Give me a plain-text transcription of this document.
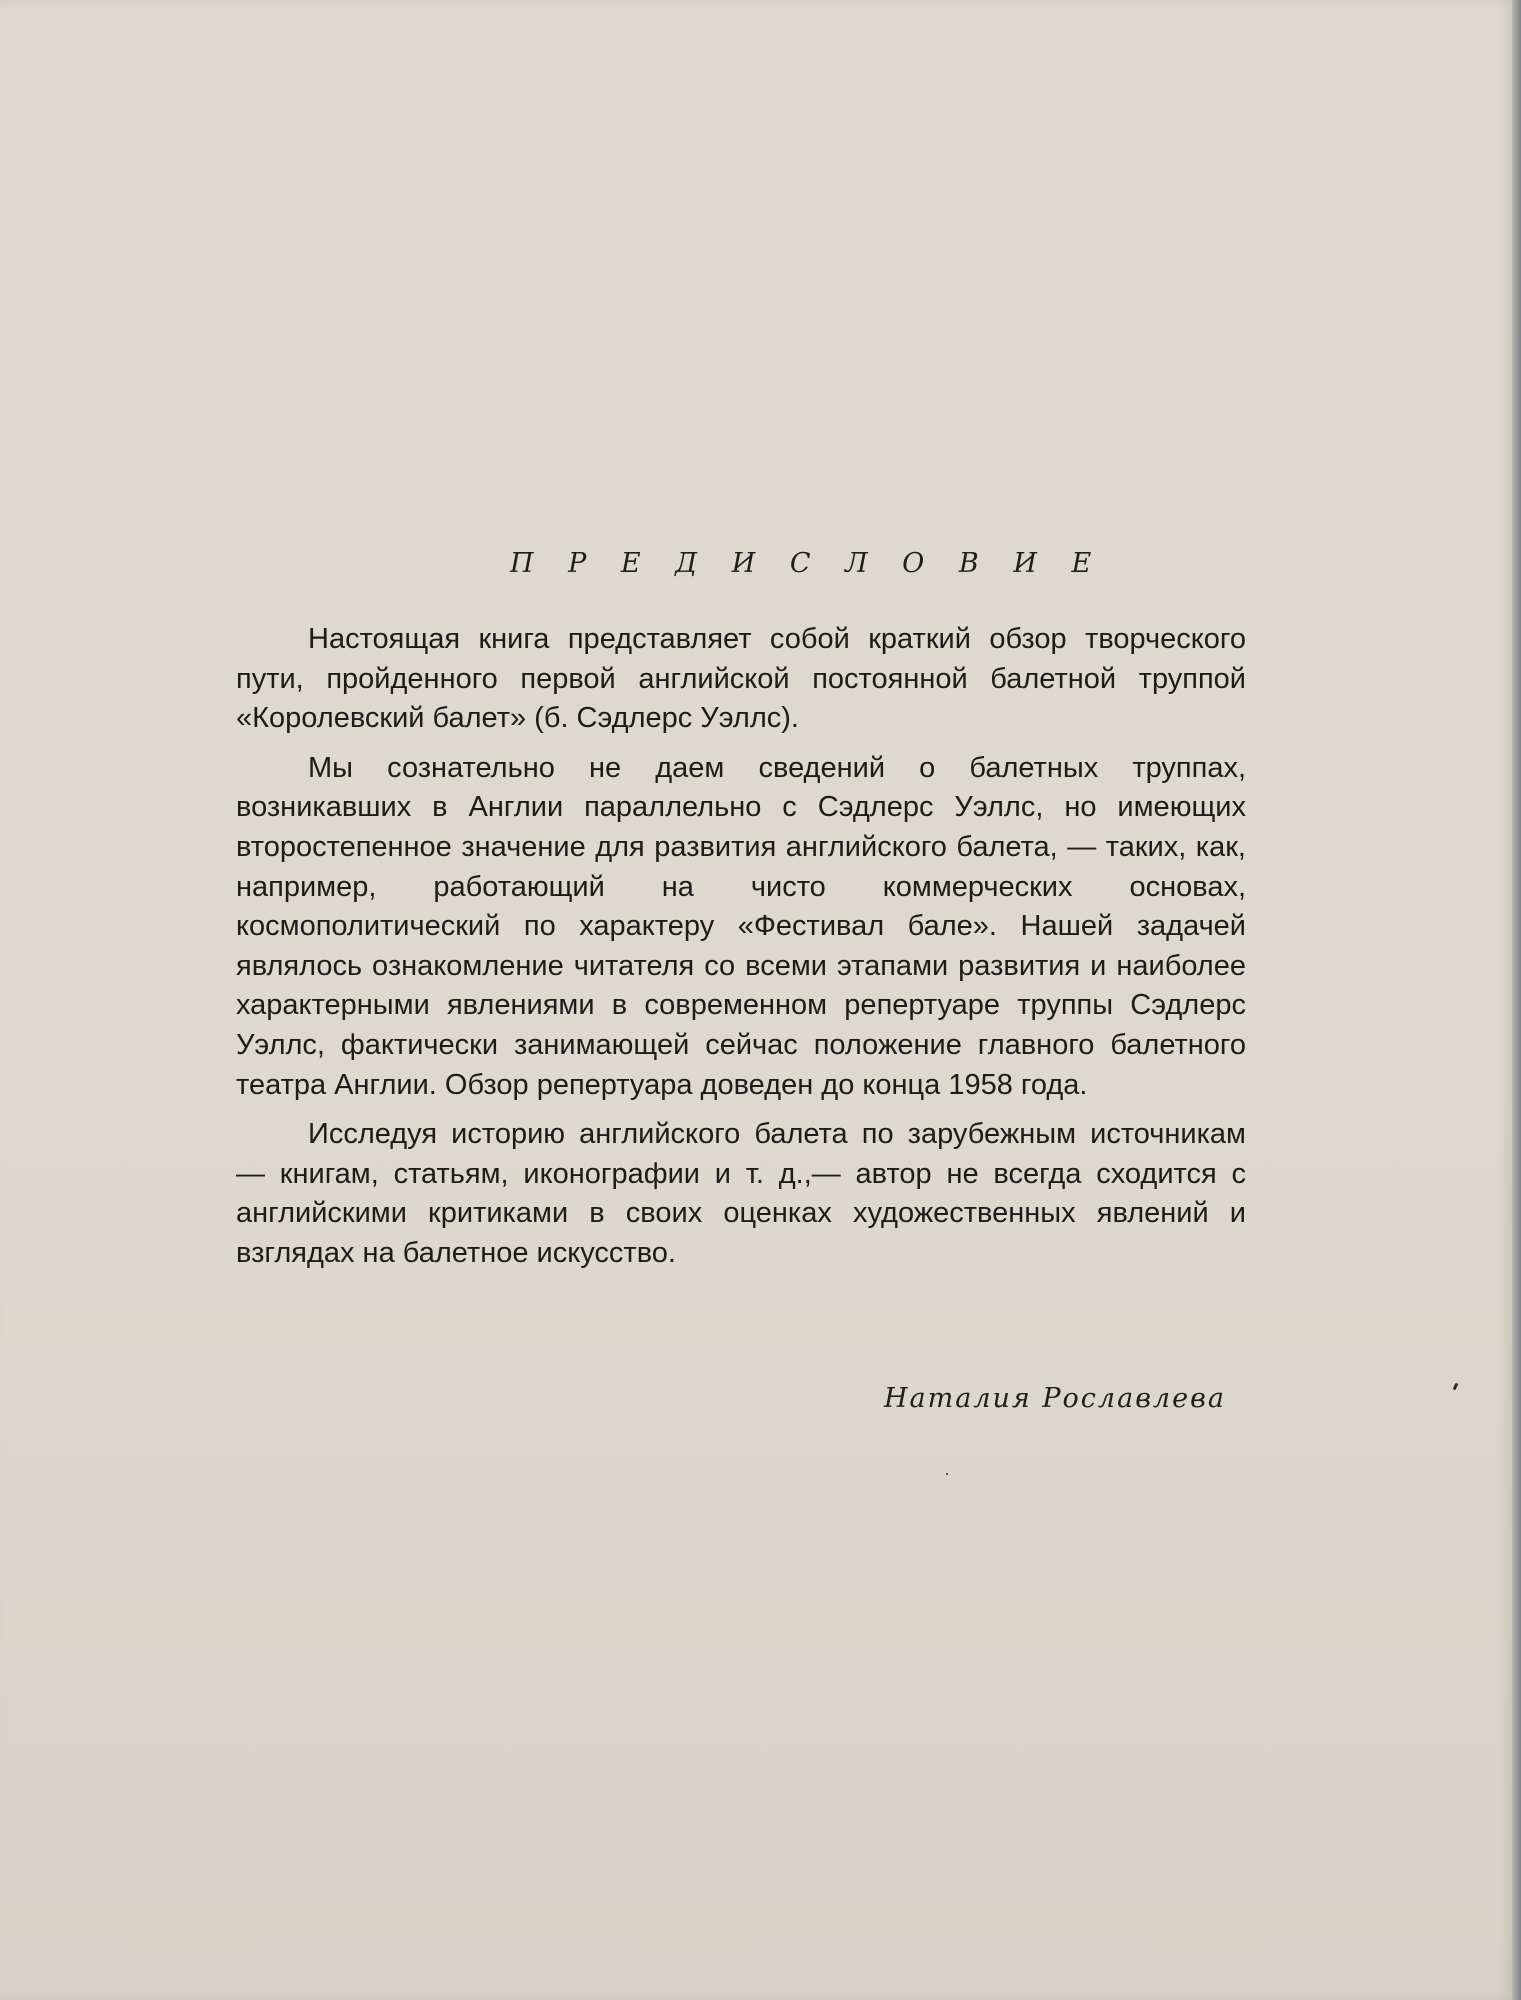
П Р Е Д И С Л О В И Е

Настоящая книга представляет собой краткий обзор творческого пути, пройденного первой английской постоянной балетной труппой «Королевский балет» (б. Сэдлерс Уэллс).

Мы сознательно не даем сведений о балетных труппах, возникавших в Англии параллельно с Сэдлерс Уэллс, но имеющих второстепенное значение для развития английского балета, — таких, как, например, работающий на чисто коммерческих основах, космополитический по характеру «Фестивал бале». Нашей задачей являлось ознакомление читателя со всеми этапами развития и наиболее характерными явлениями в современном репертуаре труппы Сэдлерс Уэллс, фактически занимающей сейчас положение главного балетного театра Англии. Обзор репертуара доведен до конца 1958 года.

Исследуя историю английского балета по зарубежным источникам — книгам, статьям, иконографии и т. д.,— автор не всегда сходится с английскими критиками в своих оценках художественных явлений и взглядах на балетное искусство.

Наталия Рославлева
